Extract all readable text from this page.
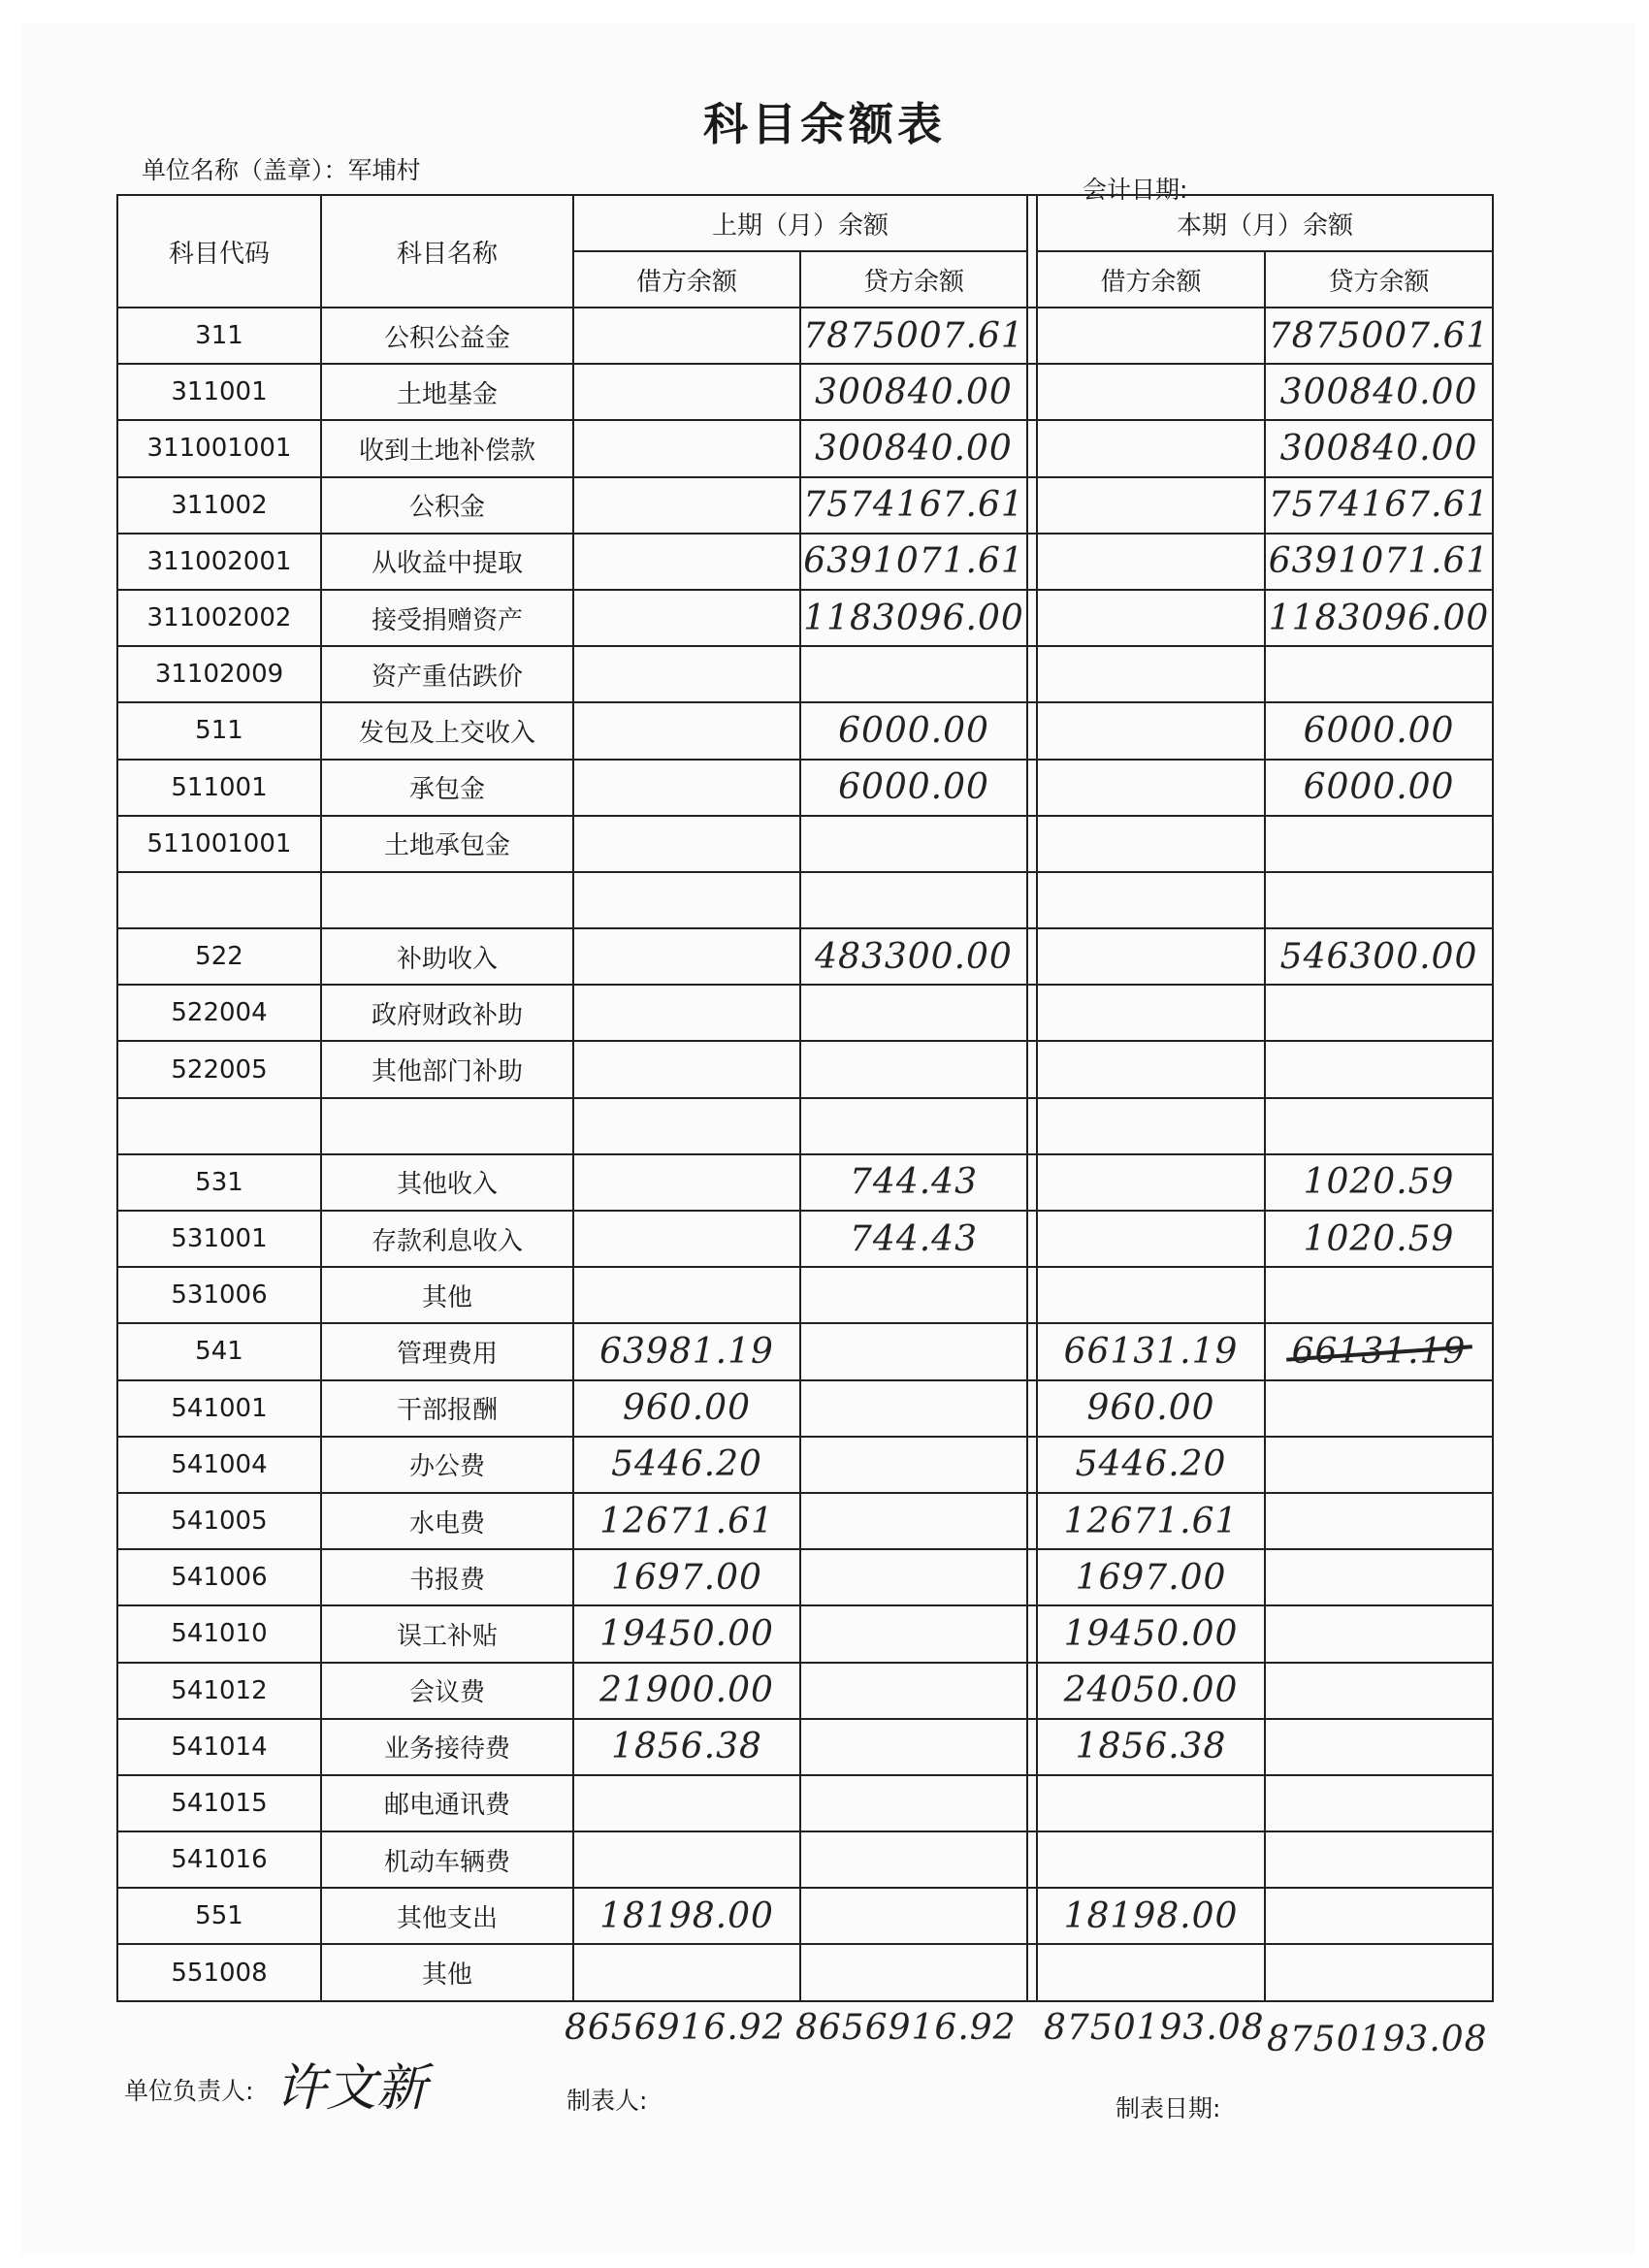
科目余额表
单位名称（盖章）：军埔村
会计日期:
科目代码	科目名称	上期（月）余额			本期（月）余额	
		借方余额	贷方余额		借方余额	贷方余额
311	公积公益金		7875007.61			7875007.61
311001	土地基金		300840.00			300840.00
311001001	收到土地补偿款		300840.00			300840.00
311002	公积金		7574167.61			7574167.61
311002001	从收益中提取		6391071.61			6391071.61
311002002	接受捐赠资产		1183096.00			1183096.00
31102009	资产重估跌价					
511	发包及上交收入		6000.00			6000.00
511001	承包金		6000.00			6000.00
511001001	土地承包金					

522	补助收入		483300.00			546300.00
522004	政府财政补助					
522005	其他部门补助					

531	其他收入		744.43			1020.59
531001	存款利息收入		744.43			1020.59
531006	其他					
541	管理费用	63981.19			66131.19	66131.19
541001	干部报酬	960.00			960.00	
541004	办公费	5446.20			5446.20	
541005	水电费	12671.61			12671.61	
541006	书报费	1697.00			1697.00	
541010	误工补贴	19450.00			19450.00	
541012	会议费	21900.00			24050.00	
541014	业务接待费	1856.38			1856.38	
541015	邮电通讯费					
541016	机动车辆费					
551	其他支出	18198.00			18198.00	
551008	其他					
8656916.92 8656916.92 8750193.08 8750193.08
单位负责人: 许文新	制表人:	制表日期:
